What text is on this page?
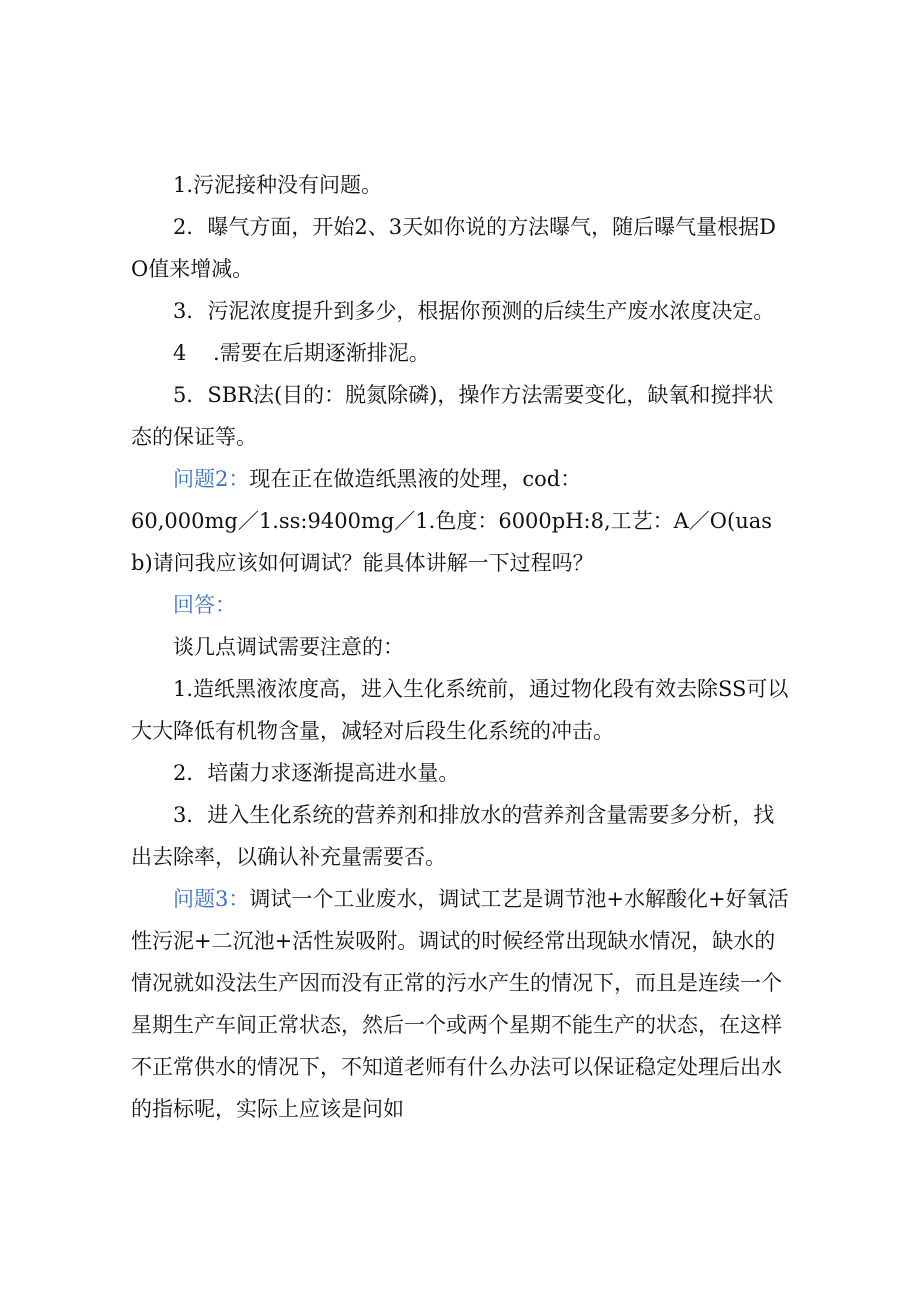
1.污泥接种没有问题。

2．曝气方面，开始2、3天如你说的方法曝气，随后曝气量根据DO值来增减。

3．污泥浓度提升到多少，根据你预测的后续生产废水浓度决定。

4    .需要在后期逐渐排泥。

5．SBR法(目的：脱氮除磷)，操作方法需要变化，缺氧和搅拌状态的保证等。

问题2：现在正在做造纸黑液的处理，cod：

60,000mg／1.ss:9400mg／1.色度：6000pH:8,工艺：A／O(uasb)请问我应该如何调试？能具体讲解一下过程吗？

回答：

谈几点调试需要注意的：

1.造纸黑液浓度高，进入生化系统前，通过物化段有效去除SS可以大大降低有机物含量，减轻对后段生化系统的冲击。

2．培菌力求逐渐提高进水量。

3．进入生化系统的营养剂和排放水的营养剂含量需要多分析，找出去除率，以确认补充量需要否。

问题3：调试一个工业废水，调试工艺是调节池+水解酸化+好氧活性污泥+二沉池+活性炭吸附。调试的时候经常出现缺水情况，缺水的情况就如没法生产因而没有正常的污水产生的情况下，而且是连续一个星期生产车间正常状态，然后一个或两个星期不能生产的状态，在这样不正常供水的情况下，不知道老师有什么办法可以保证稳定处理后出水的指标呢，实际上应该是问如
